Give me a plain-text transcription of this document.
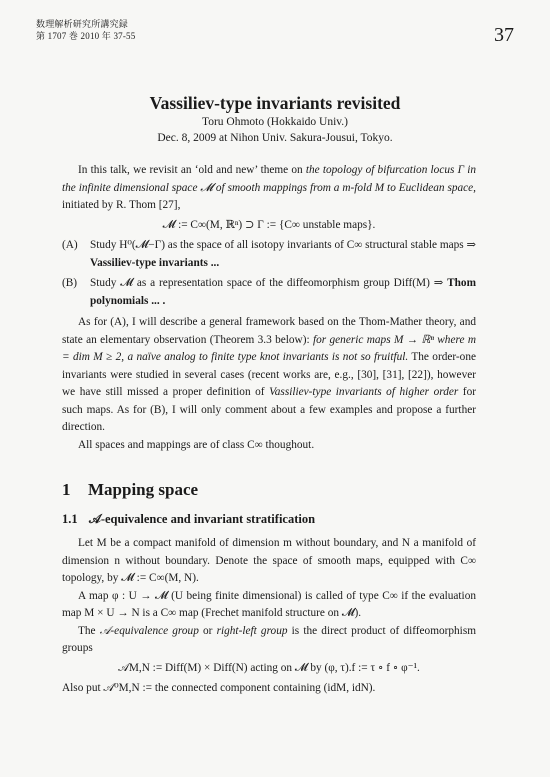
数理解析研究所講究録
第 1707 巻 2010 年 37-55	37
Vassiliev-type invariants revisited
Toru Ohmoto (Hokkaido Univ.)
Dec. 8, 2009 at Nihon Univ. Sakura-Jousui, Tokyo.

In this talk, we revisit an ‘old and new’ theme on the topology of bifurcation locus Γ in the infinite dimensional space 𝓜 of smooth mappings from a m-fold M to Euclidean space, initiated by R. Thom [27],

𝓜 := C∞(M, ℝⁿ) ⊃ Γ := {C∞ unstable maps}.
(A)	Study H⁰(𝓜−Γ) as the space of all isotopy invariants of C∞ structural stable maps ⇒ Vassiliev-type invariants ...
(B)	Study 𝓜 as a representation space of the diffeomorphism group Diff(M) ⇒ Thom polynomials ... .

As for (A), I will describe a general framework based on the Thom-Mather theory, and state an elementary observation (Theorem 3.3 below): for generic maps M → ℝⁿ where m = dim M ≥ 2, a naïve analog to finite type knot invariants is not so fruitful. The order-one invariants were studied in several cases (recent works are, e.g., [30], [31], [22]), however we have still missed a proper definition of Vassiliev-type invariants of higher order for such maps. As for (B), I will only comment about a few examples and propose a further direction.

All spaces and mappings are of class C∞ thoughout.

1 Mapping space
1.1 𝒜-equivalence and invariant stratification

Let M be a compact manifold of dimension m without boundary, and N a manifold of dimension n without boundary. Denote the space of smooth maps, equipped with C∞ topology, by 𝓜 := C∞(M, N).

A map φ : U → 𝓜 (U being finite dimensional) is called of type C∞ if the evaluation map M × U → N is a C∞ map (Frechet manifold structure on 𝓜).

The 𝒜-equivalence group or right-left group is the direct product of diffeomorphism groups

𝒜M,N := Diff(M) × Diff(N) acting on 𝓜 by (φ, τ).f := τ ∘ f ∘ φ⁻¹.

Also put 𝒜⁰M,N := the connected component containing (idM, idN).
